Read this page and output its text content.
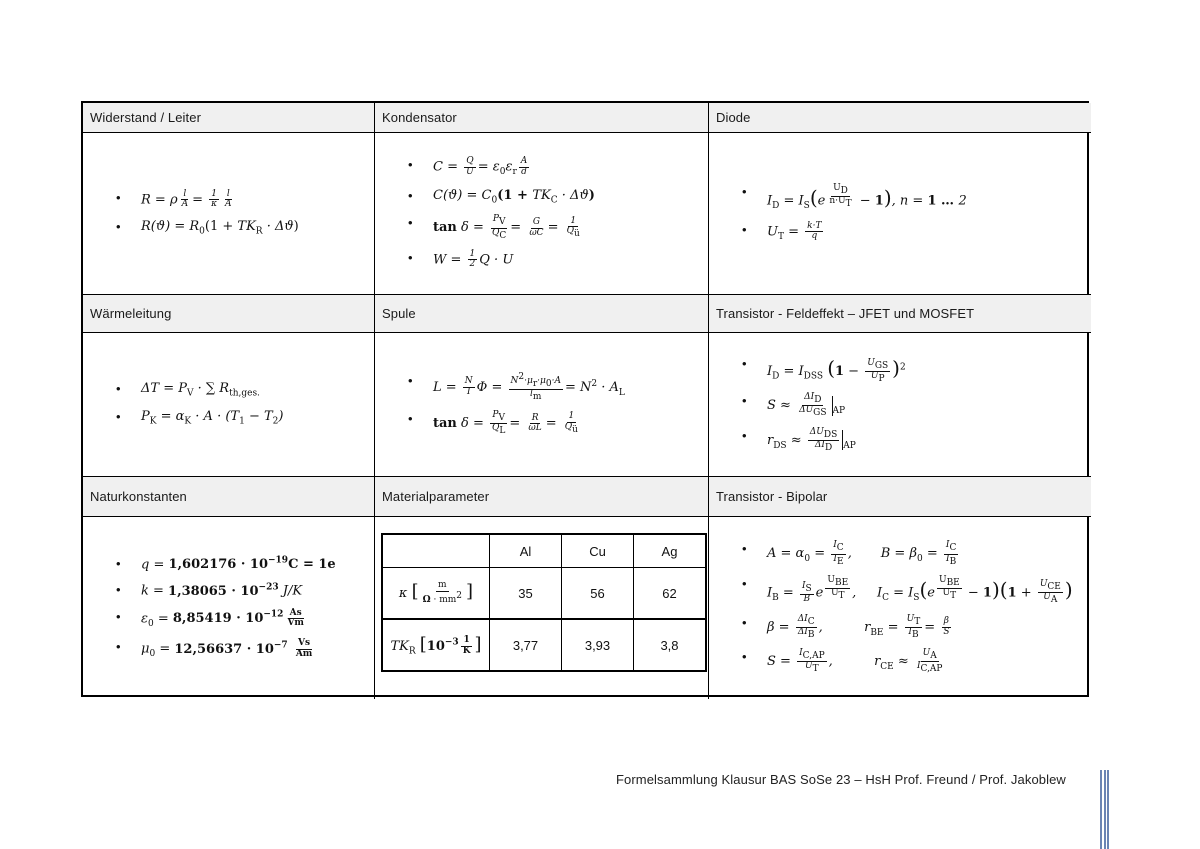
Widerstand / Leiter	Kondensator	Diode
• R = ρ $\frac{l}{A} = \frac{1}{\kappa} \frac{l}{A}$
• $R(ϑ) = R_0(1 + TK_R \cdot \Delta ϑ)$
• $C = \frac{Q}{U} = \varepsilon_0\varepsilon_r \frac{A}{d}$
• $C(ϑ) = C_0(1 + TK_C \cdot \Delta ϑ)$
• $\tan \delta = \frac{P_V}{Q_C} = \frac{G}{\omega C} = \frac{1}{Q_ü}$
• $W = \frac{1}{2}$ Q · U
• $I_D = I_S(e$ $^{\frac{U_D}{n\cdot U_T}}$ − 1), n = 1 … 2
• $U_T = \frac{k\cdot T}{q}$
Wärmeleitung	Spule	Transistor - Feldeffekt – JFET und MOSFET
• $\Delta T = P_V$ · ∑ $R_{th,ges.}$
• $P_K = \alpha_K \cdot A \cdot (T_1 - T_2)$
• $L = \frac{N}{I}$ $\Phi = \frac{N^2\cdot\mu_r\cdot\mu_0\cdot A}{l_m} = N^2 \cdot A_L$
• $\tan \delta = \frac{P_V}{Q_L} = \frac{R}{\omega L} = \frac{1}{Q_ü}$
• $I_D = I_{DSS}$ $(1 - \frac{U_{GS}}{U_P} )^2$
• $S \approx \frac{\Delta I_D}{\Delta U_{GS}} _{AP}$
• $r_{DS} \approx \frac{\Delta U_{DS}}{\Delta I_D} _{AP}$
Naturkonstanten	Materialparameter	Transistor - Bipolar
• $q = 1,602176 \cdot 10^{-19}C = 1e$
• $k = 1,38065 \cdot 10^{-23}$ J/K
• $\varepsilon_0 = 8,85419 \cdot 10^{-12} \frac{As}{Vm}$
• $\mu_0 = 12,56637 \cdot 10^{-7} \frac{Vs}{Am}$
	Al	Cu	Ag
κ [ $\frac{m}{\Omega \cdot mm^2}$ ]	35	56	62
$TK_R$ [$10^{-3} \frac{1}{K}$ ]	3,77	3,93	3,8
• $A = \alpha_0 = \frac{I_C}{I_E}$ ,       $B = \beta_0 = \frac{I_C}{I_B}$
• $I_B = \frac{I_S}{B}$ e $^{\frac{U_{BE}}{U_T}}$ ,     $I_C = I_S(e$ $^{\frac{U_{BE}}{U_T}} - 1)(1 + \frac{U_{CE}}{U_A}$ )
• $\beta = \frac{\Delta I_C}{\Delta I_B}$ ,          $r_{BE} = \frac{U_T}{I_B} = \frac{\beta}{S}$
• $S = \frac{I_{C,AP}}{U_T}$ ,          $r_{CE} \approx \frac{U_A}{I_{C,AP}}$
Formelsammlung Klausur BAS SoSe 23 – HsH Prof. Freund / Prof. Jakoblew
